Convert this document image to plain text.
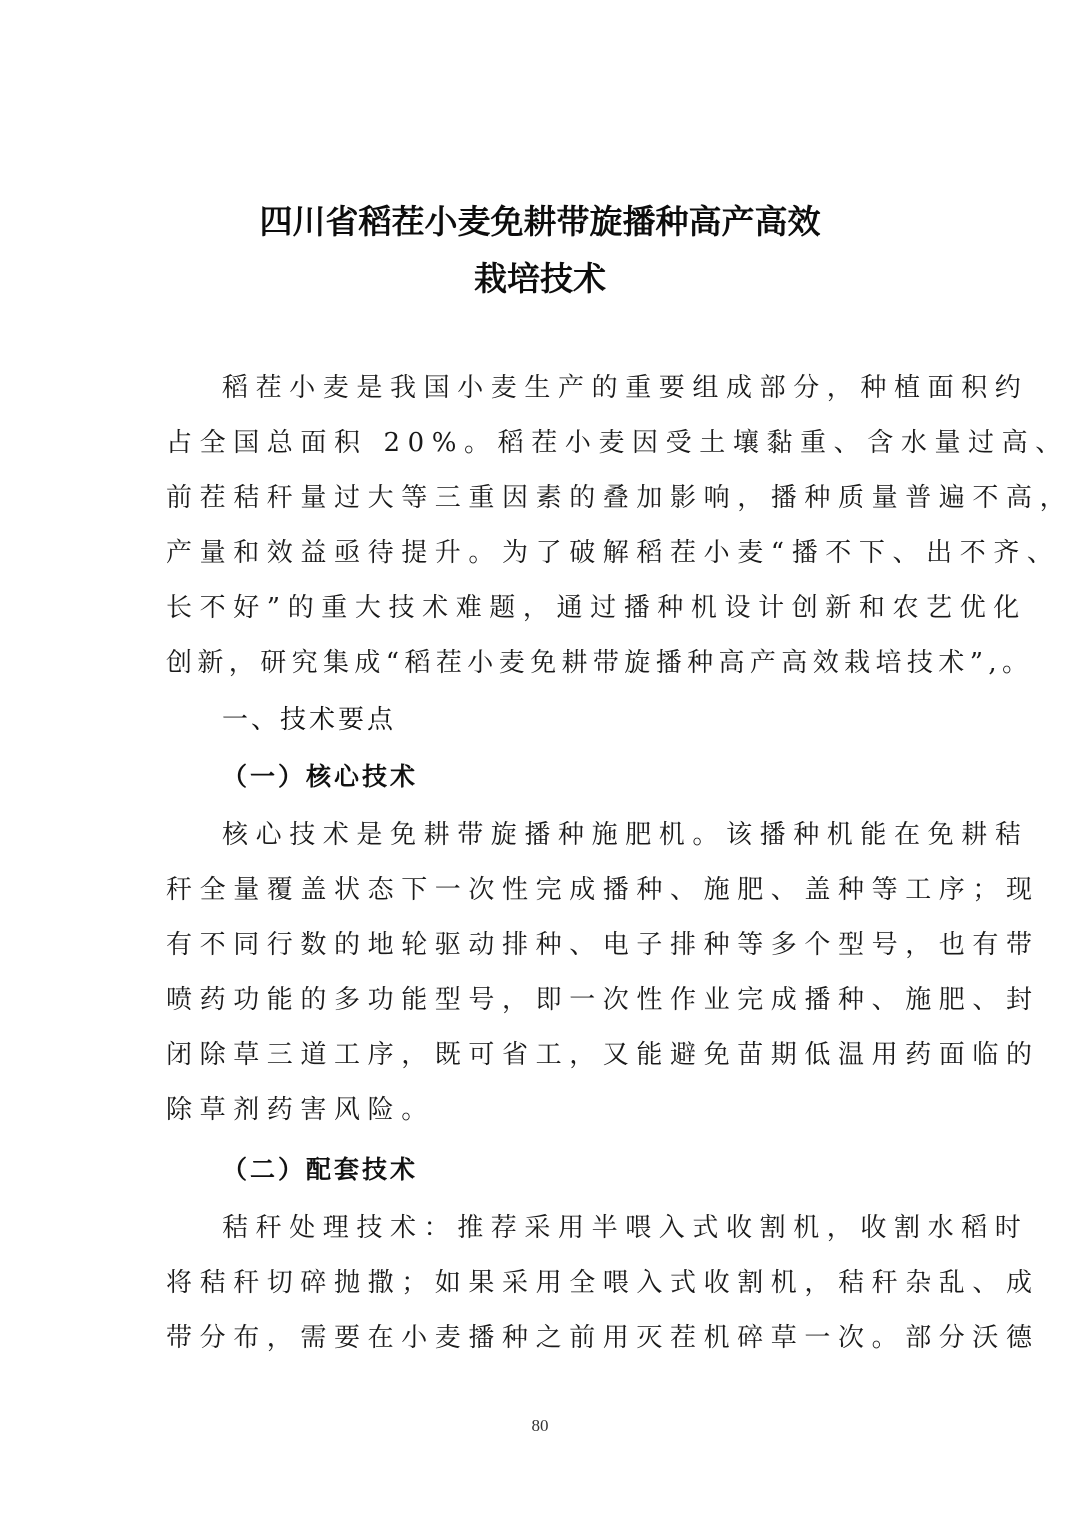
四川省稻茬小麦免耕带旋播种高产高效
栽培技术
稻茬小麦是我国小麦生产的重要组成部分，种植面积约
占全国总面积 20%。稻茬小麦因受土壤黏重、含水量过高、
前茬秸秆量过大等三重因素的叠加影响，播种质量普遍不高，
产量和效益亟待提升。为了破解稻茬小麦“播不下、出不齐、
长不好”的重大技术难题，通过播种机设计创新和农艺优化
创新，研究集成“稻茬小麦免耕带旋播种高产高效栽培技术”,。
一、技术要点
（一）核心技术
核心技术是免耕带旋播种施肥机。该播种机能在免耕秸
秆全量覆盖状态下一次性完成播种、施肥、盖种等工序；现
有不同行数的地轮驱动排种、电子排种等多个型号，也有带
喷药功能的多功能型号，即一次性作业完成播种、施肥、封
闭除草三道工序，既可省工，又能避免苗期低温用药面临的
除草剂药害风险。
（二）配套技术
秸秆处理技术：推荐采用半喂入式收割机，收割水稻时
将秸秆切碎抛撒；如果采用全喂入式收割机，秸秆杂乱、成
带分布，需要在小麦播种之前用灭茬机碎草一次。部分沃德
80
